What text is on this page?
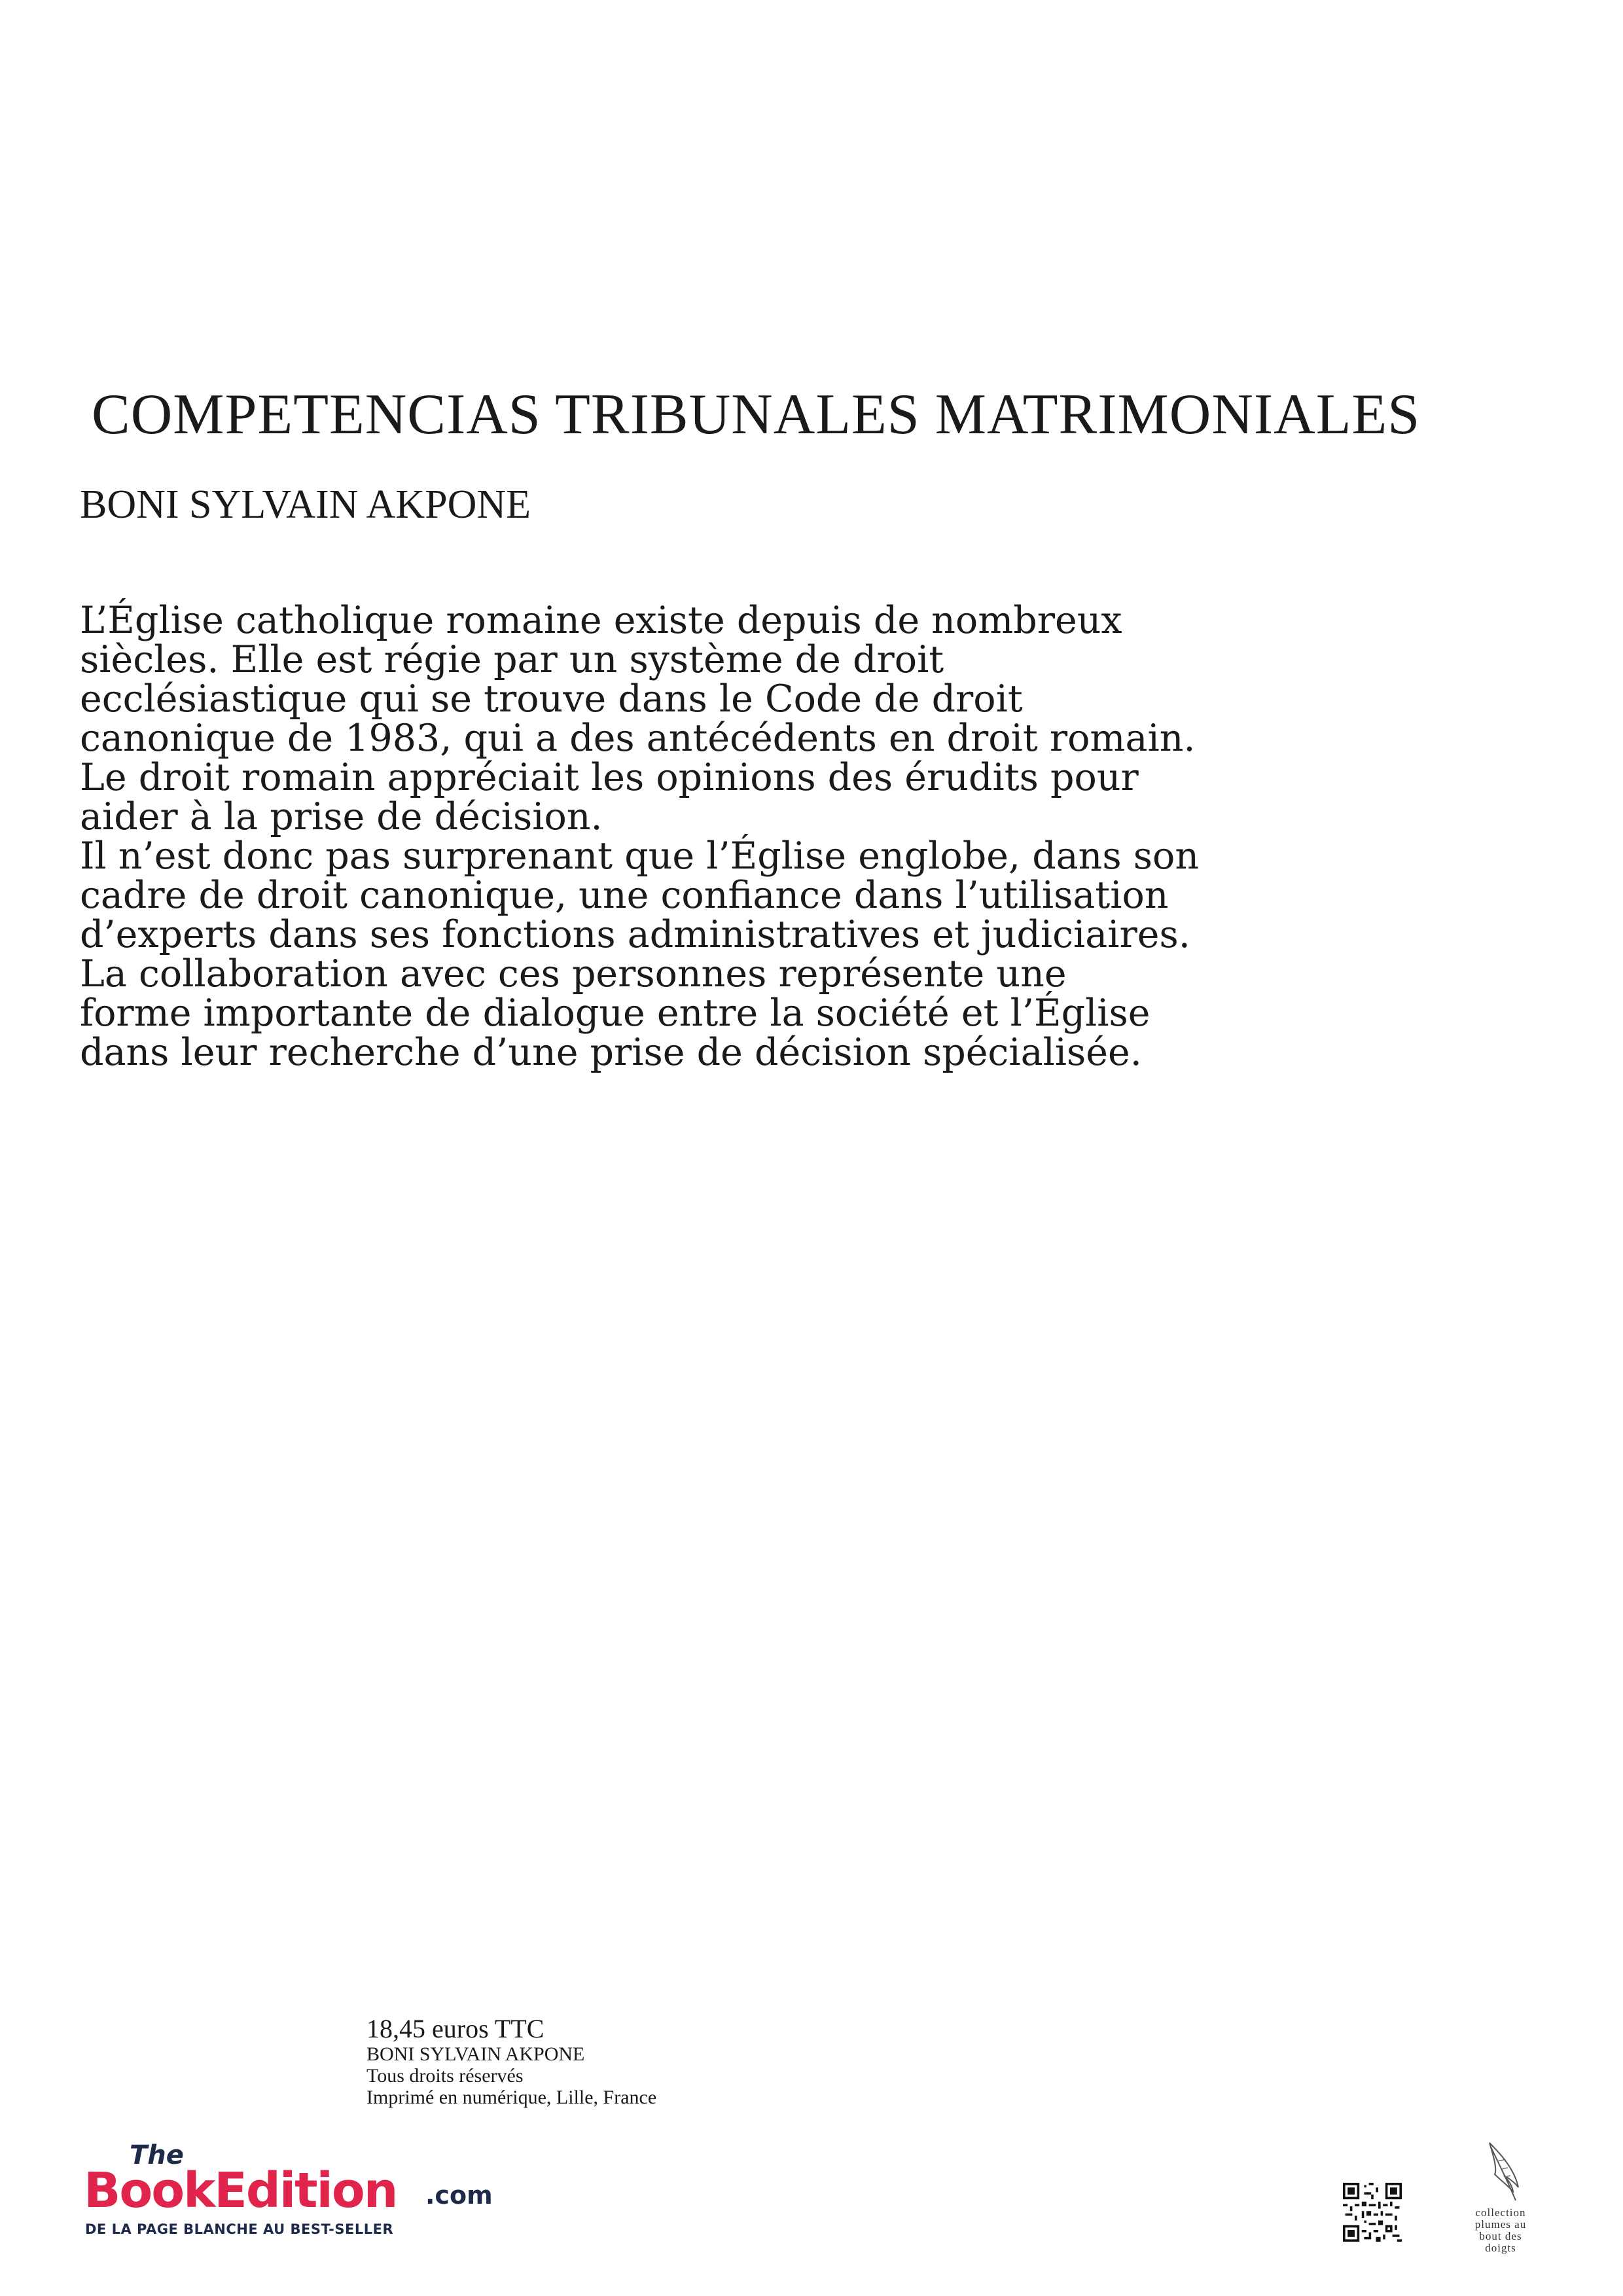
COMPETENCIAS TRIBUNALES MATRIMONIALES
BONI SYLVAIN AKPONE
L’Église catholique romaine existe depuis de nombreux
siècles. Elle est régie par un système de droit
ecclésiastique qui se trouve dans le Code de droit
canonique de 1983, qui a des antécédents en droit romain.
Le droit romain appréciait les opinions des érudits pour
aider à la prise de décision.
Il n’est donc pas surprenant que l’Église englobe, dans son
cadre de droit canonique, une confiance dans l’utilisation
d’experts dans ses fonctions administratives et judiciaires.
La collaboration avec ces personnes représente une
forme importante de dialogue entre la société et l’Église
dans leur recherche d’une prise de décision spécialisée.
18,45 euros TTC
BONI SYLVAIN AKPONE
Tous droits réservés
Imprimé en numérique, Lille, France
The
BookEdition .com
DE LA PAGE BLANCHE AU BEST-SELLER
collection
plumes au
bout des
doigts
